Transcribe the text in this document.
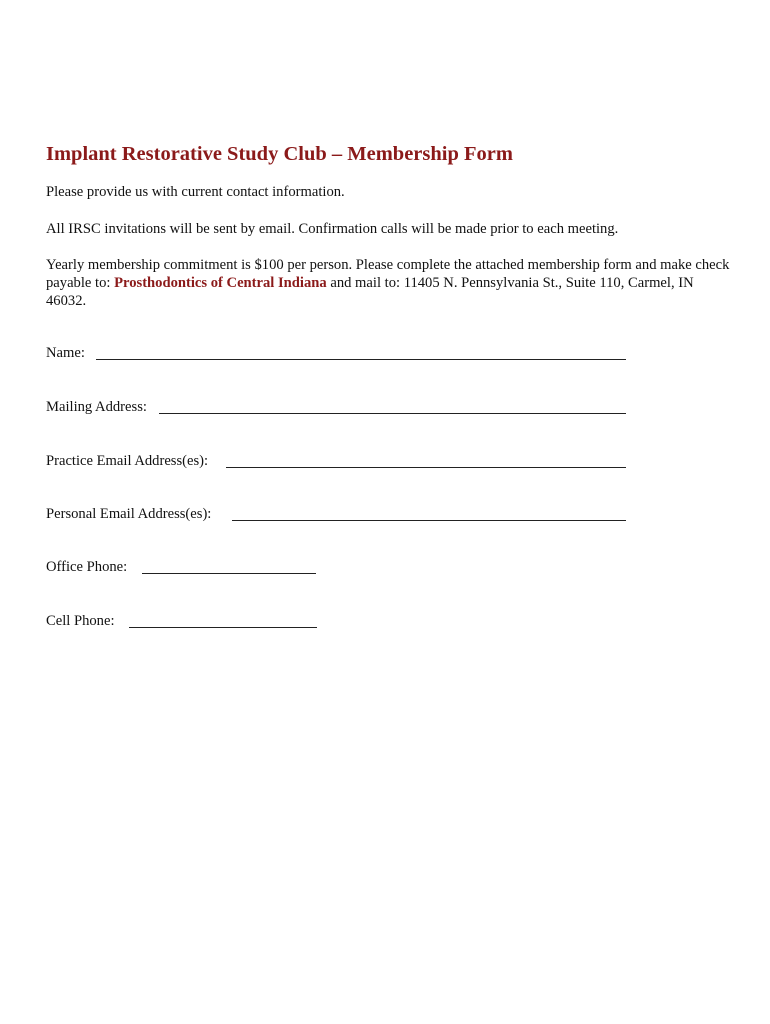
Implant Restorative Study Club – Membership Form

Please provide us with current contact information.

All IRSC invitations will be sent by email. Confirmation calls will be made prior to each meeting.

Yearly membership commitment is $100 per person. Please complete the attached membership form and make check payable to: Prosthodontics of Central Indiana and mail to: 11405 N. Pennsylvania St., Suite 110, Carmel, IN 46032.

Name:
Mailing Address:
Practice Email Address(es):
Personal Email Address(es):
Office Phone:
Cell Phone:
